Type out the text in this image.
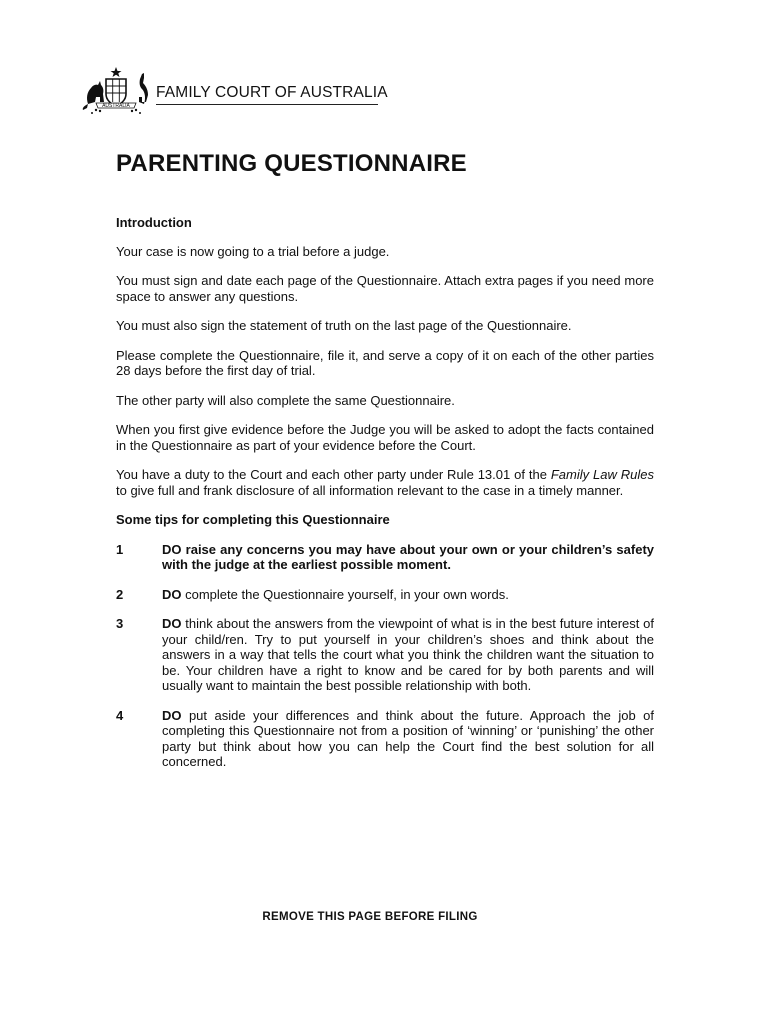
AUSTRALIA
FAMILY COURT OF AUSTRALIA
PARENTING QUESTIONNAIRE

Introduction

Your case is now going to a trial before a judge.

You must sign and date each page of the Questionnaire. Attach extra pages if you need more space to answer any questions.

You must also sign the statement of truth on the last page of the Questionnaire.

Please complete the Questionnaire, file it, and serve a copy of it on each of the other parties 28 days before the first day of trial.

The other party will also complete the same Questionnaire.

When you first give evidence before the Judge you will be asked to adopt the facts contained in the Questionnaire as part of your evidence before the Court.

You have a duty to the Court and each other party under Rule 13.01 of the Family Law Rules to give full and frank disclosure of all information relevant to the case in a timely manner.

Some tips for completing this Questionnaire

1	DO raise any concerns you may have about your own or your children’s safety with the judge at the earliest possible moment.
2	DO complete the Questionnaire yourself, in your own words.
3	DO think about the answers from the viewpoint of what is in the best future interest of your child/ren. Try to put yourself in your children’s shoes and think about the answers in a way that tells the court what you think the children want the situation to be. Your children have a right to know and be cared for by both parents and will usually want to maintain the best possible relationship with both.
4	DO put aside your differences and think about the future. Approach the job of completing this Questionnaire not from a position of ‘winning’ or ‘punishing’ the other party but think about how you can help the Court find the best solution for all concerned.
REMOVE THIS PAGE BEFORE FILING
